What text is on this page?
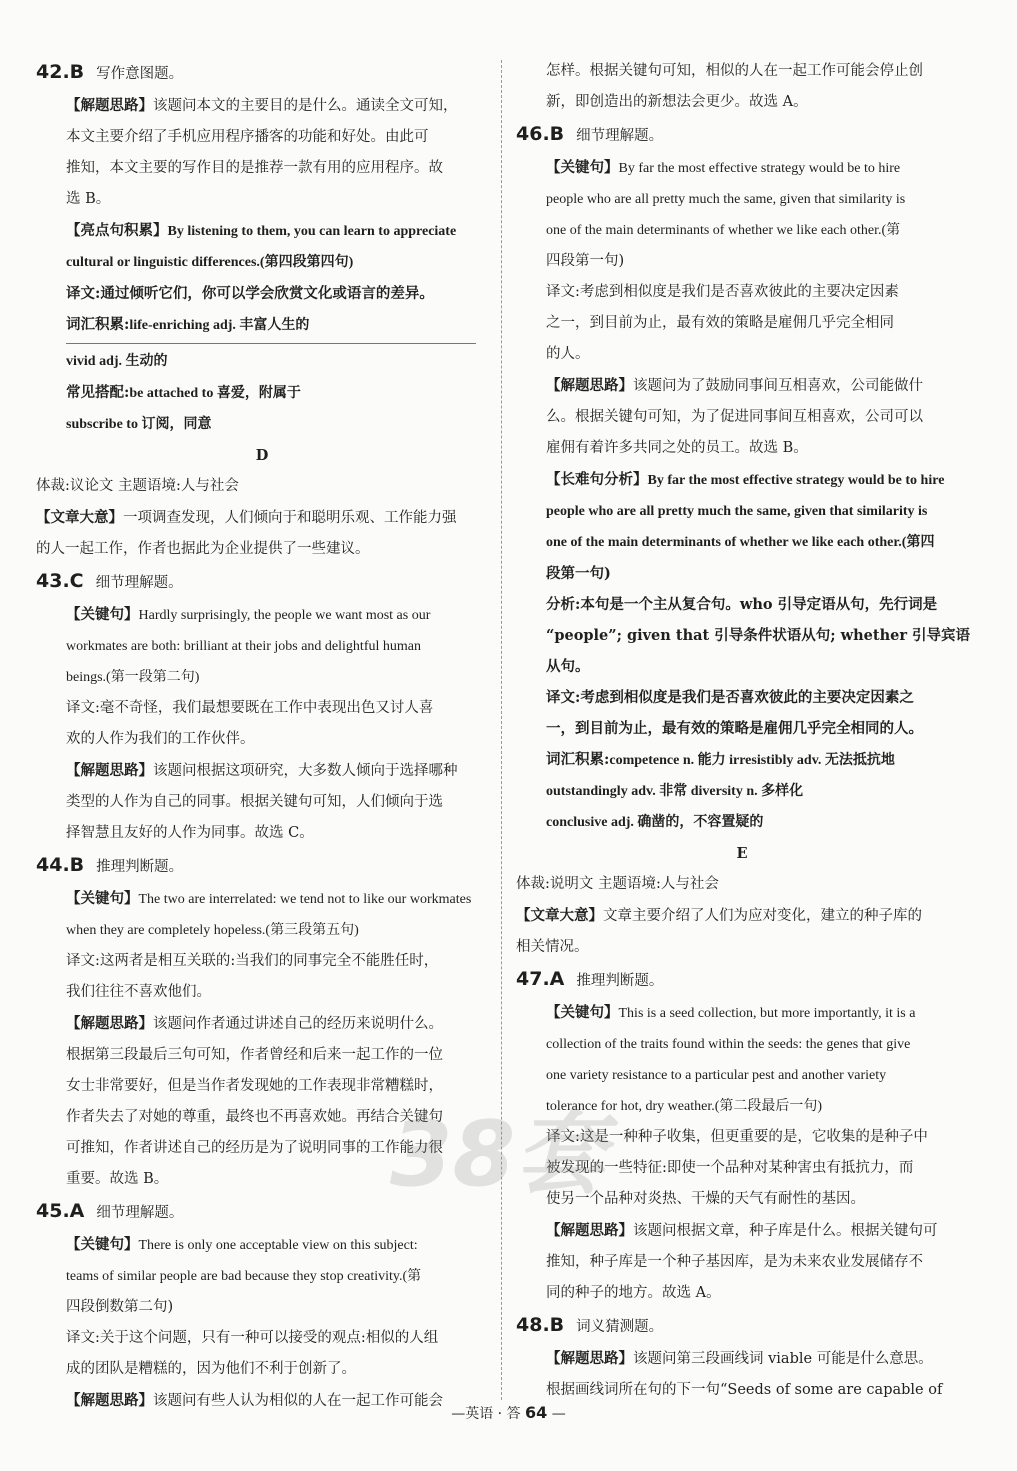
42.B 写作意图题。
【解题思路】该题问本文的主要目的是什么。通读全文可知，
本文主要介绍了手机应用程序播客的功能和好处。由此可
推知，本文主要的写作目的是推荐一款有用的应用程序。故
选 B。
【亮点句积累】By listening to them, you can learn to appreciate
cultural or linguistic differences.(第四段第四句)
译文:通过倾听它们，你可以学会欣赏文化或语言的差异。
词汇积累:life-enriching adj. 丰富人生的
vivid adj. 生动的
常见搭配:be attached to 喜爱，附属于
subscribe to 订阅，同意
D
体裁:议论文 主题语境:人与社会
【文章大意】一项调查发现，人们倾向于和聪明乐观、工作能力强
的人一起工作，作者也据此为企业提供了一些建议。
43.C 细节理解题。
【关键句】Hardly surprisingly, the people we want most as our
workmates are both: brilliant at their jobs and delightful human
beings.(第一段第二句)
译文:毫不奇怪，我们最想要既在工作中表现出色又讨人喜
欢的人作为我们的工作伙伴。
【解题思路】该题问根据这项研究，大多数人倾向于选择哪种
类型的人作为自己的同事。根据关键句可知，人们倾向于选
择智慧且友好的人作为同事。故选 C。
44.B 推理判断题。
【关键句】The two are interrelated: we tend not to like our workmates
when they are completely hopeless.(第三段第五句)
译文:这两者是相互关联的:当我们的同事完全不能胜任时，
我们往往不喜欢他们。
【解题思路】该题问作者通过讲述自己的经历来说明什么。
根据第三段最后三句可知，作者曾经和后来一起工作的一位
女士非常要好，但是当作者发现她的工作表现非常糟糕时，
作者失去了对她的尊重，最终也不再喜欢她。再结合关键句
可推知，作者讲述自己的经历是为了说明同事的工作能力很
重要。故选 B。
45.A 细节理解题。
【关键句】There is only one acceptable view on this subject:
teams of similar people are bad because they stop creativity.(第
四段倒数第二句)
译文:关于这个问题，只有一种可以接受的观点:相似的人组
成的团队是糟糕的，因为他们不利于创新了。
【解题思路】该题问有些人认为相似的人在一起工作可能会
怎样。根据关键句可知，相似的人在一起工作可能会停止创
新，即创造出的新想法会更少。故选 A。
46.B 细节理解题。
【关键句】By far the most effective strategy would be to hire
people who are all pretty much the same, given that similarity is
one of the main determinants of whether we like each other.(第
四段第一句)
译文:考虑到相似度是我们是否喜欢彼此的主要决定因素
之一，到目前为止，最有效的策略是雇佣几乎完全相同
的人。
【解题思路】该题问为了鼓励同事间互相喜欢，公司能做什
么。根据关键句可知，为了促进同事间互相喜欢，公司可以
雇佣有着许多共同之处的员工。故选 B。
【长难句分析】By far the most effective strategy would be to hire
people who are all pretty much the same, given that similarity is
one of the main determinants of whether we like each other.(第四
段第一句)
分析:本句是一个主从复合句。who 引导定语从句，先行词是
“people”; given that 引导条件状语从句; whether 引导宾语
从句。
译文:考虑到相似度是我们是否喜欢彼此的主要决定因素之
一，到目前为止，最有效的策略是雇佣几乎完全相同的人。
词汇积累:competence n. 能力 irresistibly adv. 无法抵抗地
outstandingly adv. 非常 diversity n. 多样化
conclusive adj. 确凿的，不容置疑的
E
体裁:说明文 主题语境:人与社会
【文章大意】文章主要介绍了人们为应对变化，建立的种子库的
相关情况。
47.A 推理判断题。
【关键句】This is a seed collection, but more importantly, it is a
collection of the traits found within the seeds: the genes that give
one variety resistance to a particular pest and another variety
tolerance for hot, dry weather.(第二段最后一句)
译文:这是一种种子收集，但更重要的是，它收集的是种子中
被发现的一些特征:即使一个品种对某种害虫有抵抗力，而
使另一个品种对炎热、干燥的天气有耐性的基因。
【解题思路】该题问根据文章，种子库是什么。根据关键句可
推知，种子库是一个种子基因库，是为未来农业发展储存不
同的种子的地方。故选 A。
48.B 词义猜测题。
【解题思路】该题问第三段画线词 viable 可能是什么意思。
根据画线词所在句的下一句“Seeds of some are capable of
38套
—英语 · 答 64 —
